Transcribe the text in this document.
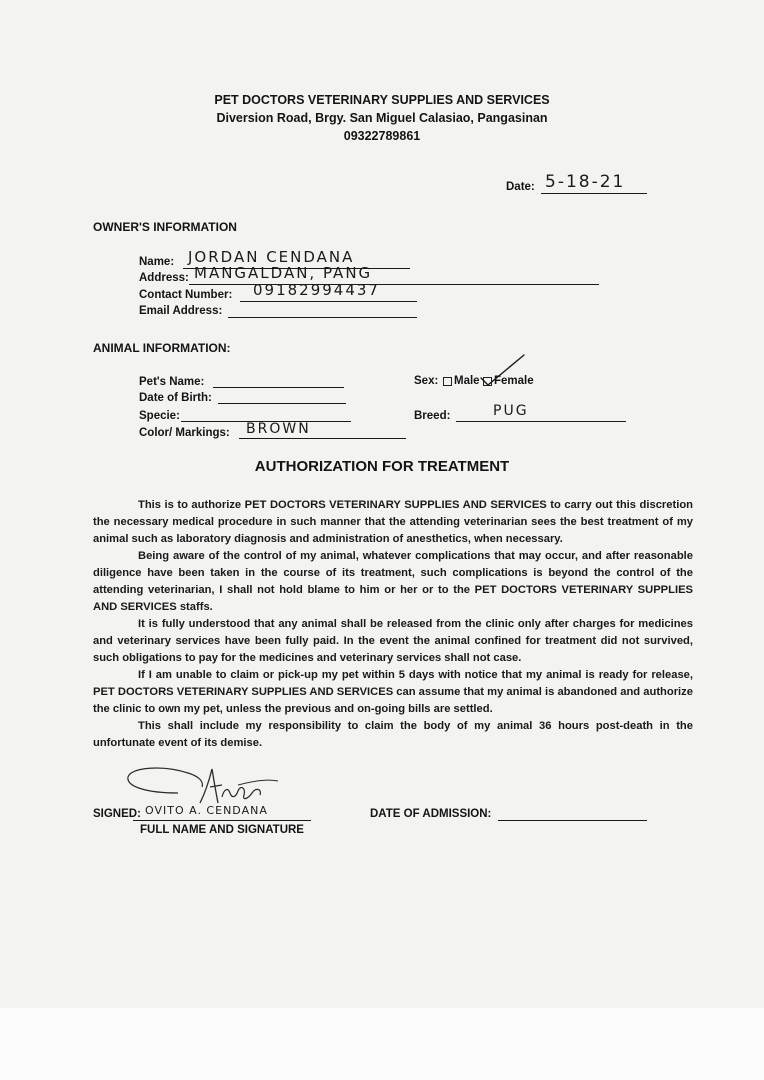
PET DOCTORS VETERINARY SUPPLIES AND SERVICES
Diversion Road, Brgy. San Miguel Calasiao, Pangasinan
09322789861
Date: 5-18-21
OWNER'S INFORMATION
Name: JORDAN CENDANA
Address: MANGALDAN, PANG
Contact Number: 09182994437
Email Address:
ANIMAL INFORMATION:
Pet's Name:
Date of Birth:
Specie:
Color/ Markings: BROWN
Sex: Male Female
Breed:	PUG
AUTHORIZATION FOR TREATMENT
This is to authorize PET DOCTORS VETERINARY SUPPLIES AND SERVICES to carry out this discretion the necessary medical procedure in such manner that the attending veterinarian sees the best treatment of my animal such as laboratory diagnosis and administration of anesthetics, when necessary.
Being aware of the control of my animal, whatever complications that may occur, and after reasonable diligence have been taken in the course of its treatment, such complications is beyond the control of the attending veterinarian, I shall not hold blame to him or her or to the PET DOCTORS VETERINARY SUPPLIES AND SERVICES staffs.
It is fully understood that any animal shall be released from the clinic only after charges for medicines and veterinary services have been fully paid. In the event the animal confined for treatment did not survived, such obligations to pay for the medicines and veterinary services shall not case.
If I am unable to claim or pick-up my pet within 5 days with notice that my animal is ready for release, PET DOCTORS VETERINARY SUPPLIES AND SERVICES can assume that my animal is abandoned and authorize the clinic to own my pet, unless the previous and on-going bills are settled.
This shall include my responsibility to claim the body of my animal 36 hours post-death in the unfortunate event of its demise.
SIGNED: OVITO A. CENDANA
FULL NAME AND SIGNATURE
DATE OF ADMISSION:
